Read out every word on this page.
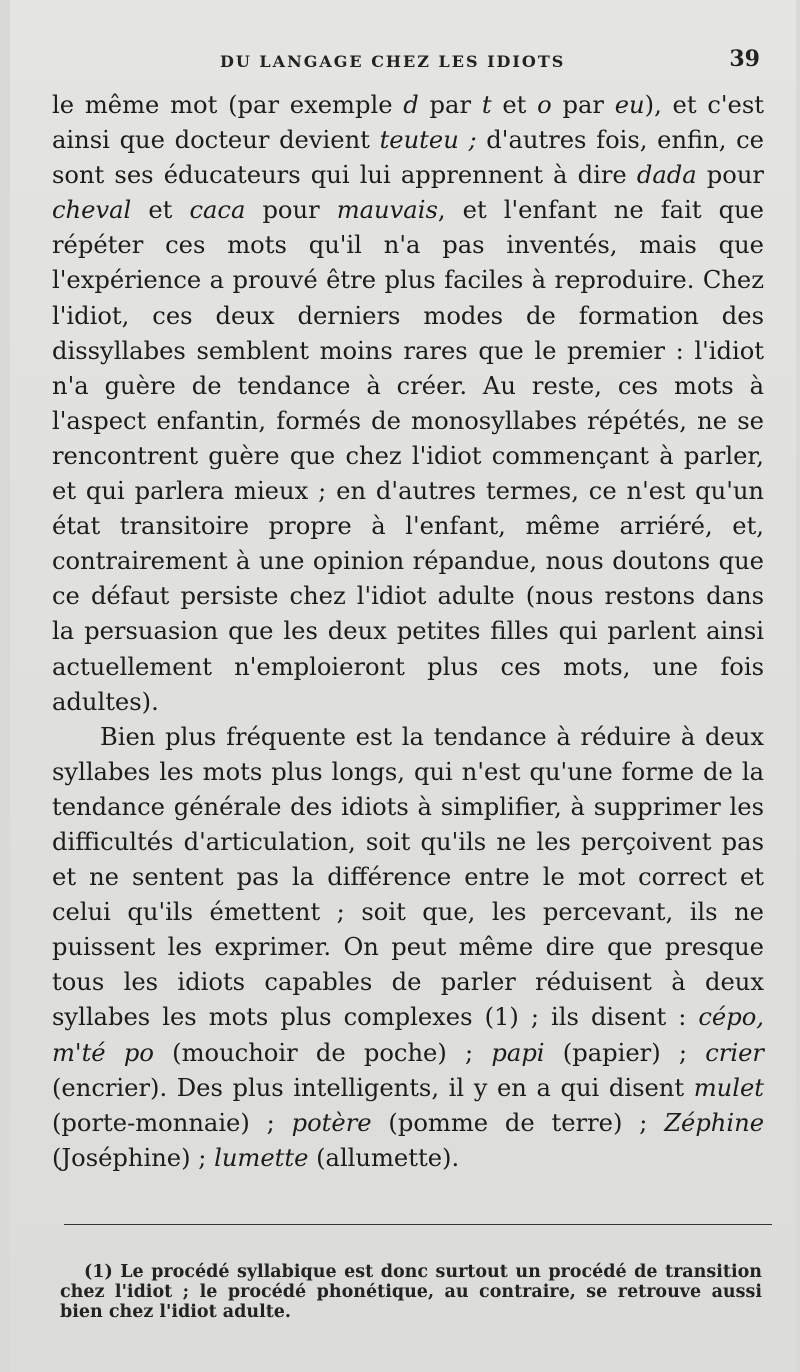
DU LANGAGE CHEZ LES IDIOTS	39

le même mot (par exemple d par t et o par eu), et c'est ainsi que docteur devient teuteu ; d'autres fois, enfin, ce sont ses éducateurs qui lui apprennent à dire dada pour cheval et caca pour mauvais, et l'enfant ne fait que répéter ces mots qu'il n'a pas inventés, mais que l'expérience a prouvé être plus faciles à reproduire. Chez l'idiot, ces deux derniers modes de formation des dissyllabes semblent moins rares que le premier : l'idiot n'a guère de tendance à créer. Au reste, ces mots à l'aspect enfantin, formés de monosyllabes répétés, ne se rencontrent guère que chez l'idiot commençant à parler, et qui parlera mieux ; en d'autres termes, ce n'est qu'un état transitoire propre à l'enfant, même arriéré, et, contrairement à une opinion répandue, nous doutons que ce défaut persiste chez l'idiot adulte (nous restons dans la persuasion que les deux petites filles qui parlent ainsi actuellement n'emploieront plus ces mots, une fois adultes).

Bien plus fréquente est la tendance à réduire à deux syllabes les mots plus longs, qui n'est qu'une forme de la tendance générale des idiots à simplifier, à supprimer les difficultés d'articulation, soit qu'ils ne les perçoivent pas et ne sentent pas la différence entre le mot correct et celui qu'ils émettent ; soit que, les percevant, ils ne puissent les exprimer. On peut même dire que presque tous les idiots capables de parler réduisent à deux syllabes les mots plus complexes (1) ; ils disent : cépo, m'té po (mouchoir de poche) ; papi (papier) ; crier (encrier). Des plus intelligents, il y en a qui disent mulet (porte-monnaie) ; potère (pomme de terre) ; Zéphine (Joséphine) ; lumette (allumette).

(1) Le procédé syllabique est donc surtout un procédé de transition chez l'idiot ; le procédé phonétique, au contraire, se retrouve aussi bien chez l'idiot adulte.
